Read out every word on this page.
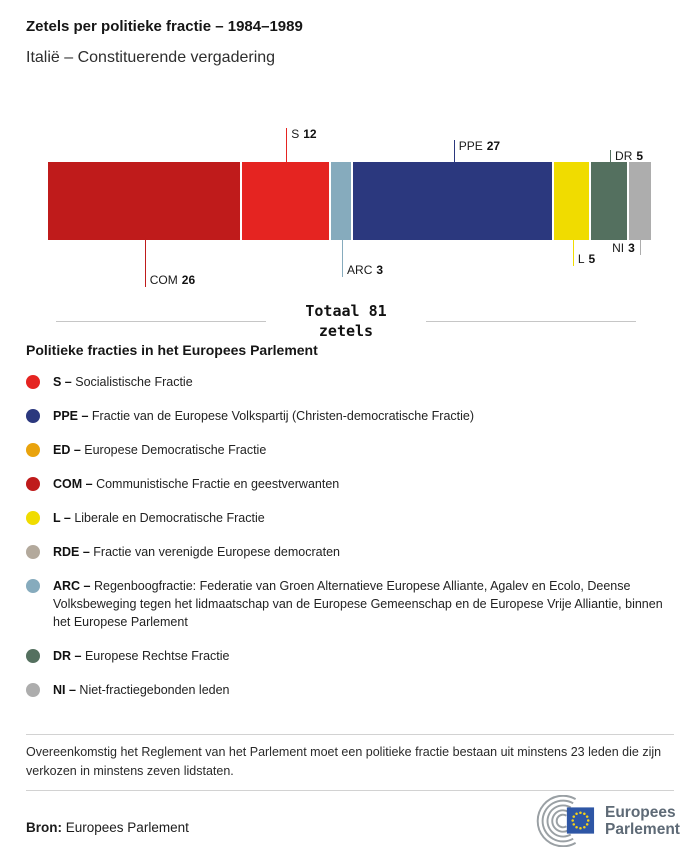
Zetels per politieke fractie – 1984–1989
Italië – Constituerende vergadering
COM 26
S 12
ARC 3
PPE 27
L 5
DR 5
NI 3
Totaal 81
zetels
Politieke fracties in het Europees Parlement
S – Socialistische Fractie
PPE – Fractie van de Europese Volkspartij (Christen-democratische Fractie)
ED – Europese Democratische Fractie
COM – Communistische Fractie en geestverwanten
L – Liberale en Democratische Fractie
RDE – Fractie van verenigde Europese democraten
ARC – Regenboogfractie: Federatie van Groen Alternatieve Europese Alliante, Agalev en Ecolo, Deense Volksbeweging tegen het lidmaatschap van de Europese Gemeenschap en de Europese Vrije Alliantie, binnen het Europese Parlement
DR – Europese Rechtse Fractie
NI – Niet-fractiegebonden leden
Overeenkomstig het Reglement van het Parlement moet een politieke fractie bestaan uit minstens 23 leden die zijn verkozen in minstens zeven lidstaten.
Bron: Europees Parlement
Europees
Parlement
